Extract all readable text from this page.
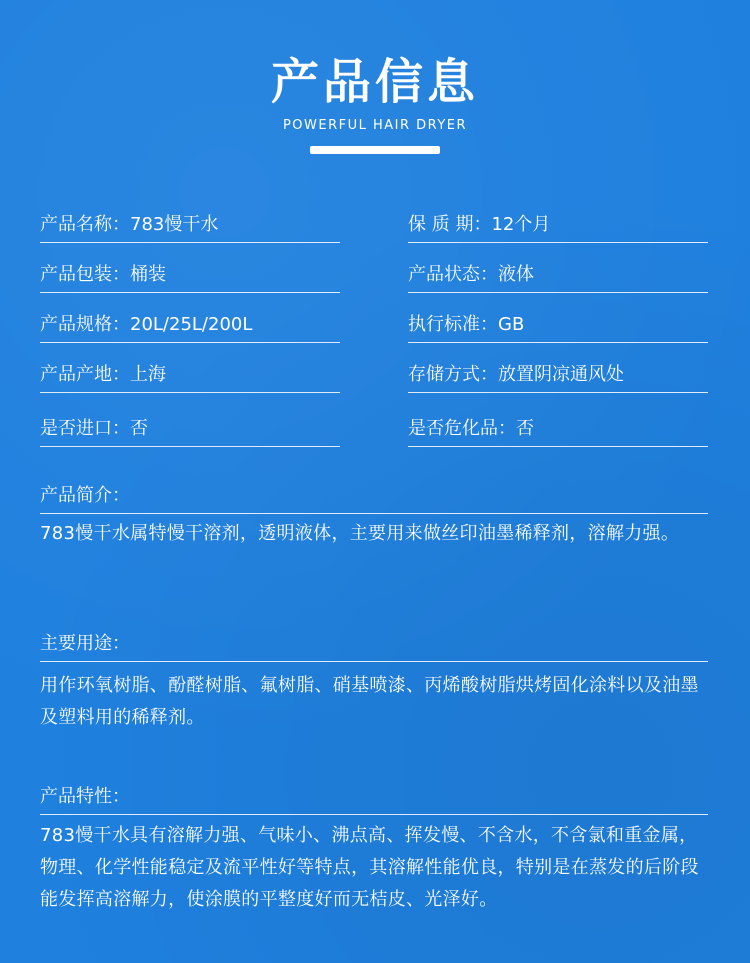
产品信息
POWERFUL HAIR DRYER
产品名称：783慢干水
产品包装：桶装
产品规格：20L/25L/200L
产品产地：上海
是否进口：否
保 质 期：12个月
产品状态：液体
执行标准：GB
存储方式：放置阴凉通风处
是否危化品：否
产品简介：
783慢干水属特慢干溶剂，透明液体，主要用来做丝印油墨稀释剂，溶解力强。
主要用途：
用作环氧树脂、酚醛树脂、氟树脂、硝基喷漆、丙烯酸树脂烘烤固化涂料以及油墨及塑料用的稀释剂。
产品特性：
783慢干水具有溶解力强、气味小、沸点高、挥发慢、不含水，不含氯和重金属，物理、化学性能稳定及流平性好等特点，其溶解性能优良，特别是在蒸发的后阶段能发挥高溶解力，使涂膜的平整度好而无桔皮、光泽好。
